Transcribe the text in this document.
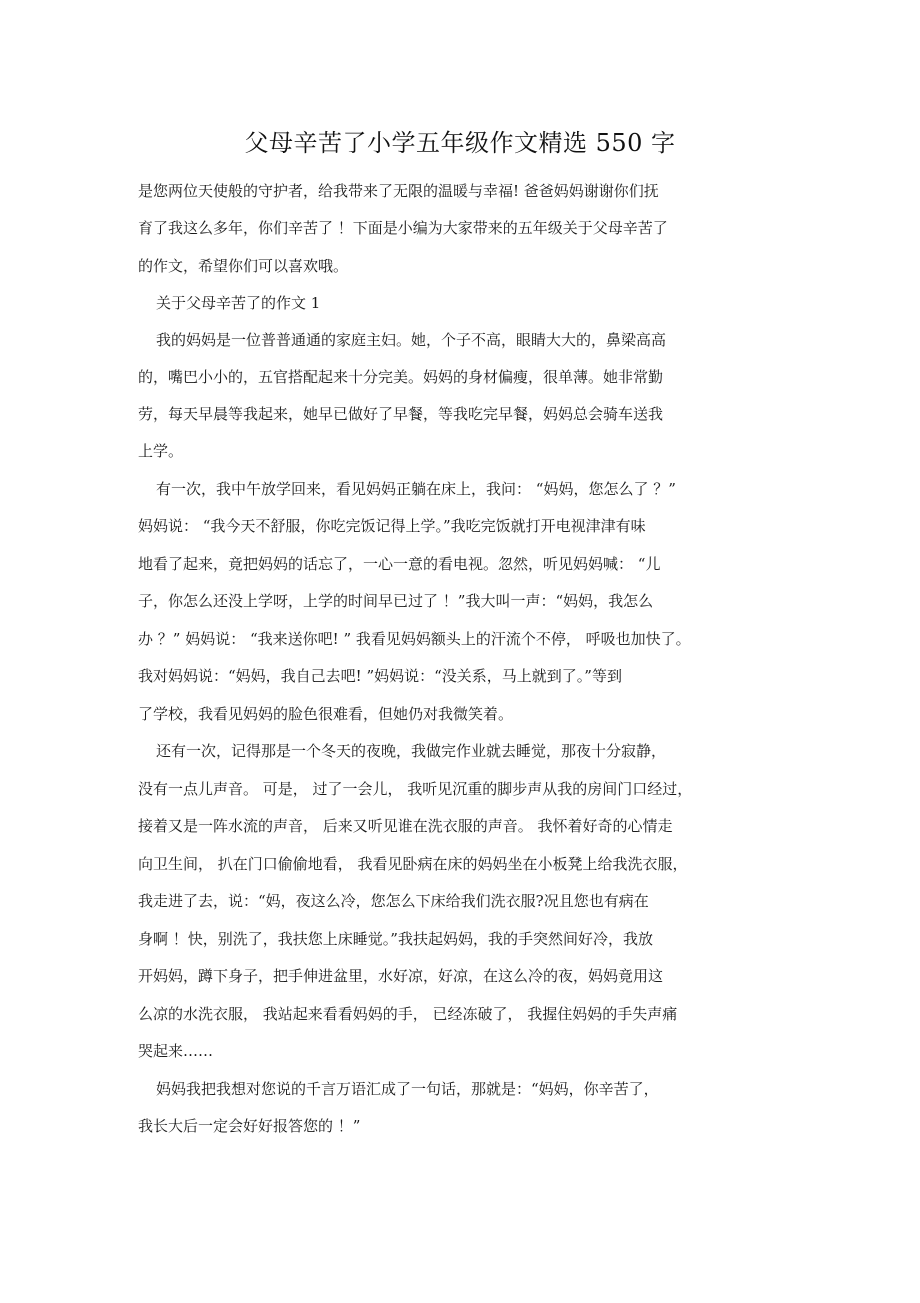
父母辛苦了小学五年级作文精选 550 字
是您两位天使般的守护者，给我带来了无限的温暖与幸福! 爸爸妈妈谢谢你们抚
育了我这么多年，你们辛苦了 ！下面是小编为大家带来的五年级关于父母辛苦了
的作文，希望你们可以喜欢哦。
关于父母辛苦了的作文 1
我的妈妈是一位普普通通的家庭主妇。她，个子不高，眼睛大大的，鼻梁高高
的，嘴巴小小的，五官搭配起来十分完美。妈妈的身材偏瘦，很单薄。她非常勤
劳，每天早晨等我起来，她早已做好了早餐，等我吃完早餐，妈妈总会骑车送我
上学。
有一次，我中午放学回来，看见妈妈正躺在床上，我问： “妈妈，您怎么了 ？”
妈妈说： “我今天不舒服，你吃完饭记得上学。”我吃完饭就打开电视津津有味
地看了起来，竟把妈妈的话忘了，一心一意的看电视。忽然，听见妈妈喊： “儿
子，你怎么还没上学呀，上学的时间早已过了 ！”我大叫一声：“妈妈，我怎么
办 ？” 妈妈说： “我来送你吧! ” 我看见妈妈额头上的汗流个不停， 呼吸也加快了。
我对妈妈说：“妈妈，我自己去吧! ”妈妈说：“没关系，马上就到了。”等到
了学校，我看见妈妈的脸色很难看，但她仍对我微笑着。
还有一次，记得那是一个冬天的夜晚，我做完作业就去睡觉，那夜十分寂静，
没有一点儿声音。 可是， 过了一会儿， 我听见沉重的脚步声从我的房间门口经过，
接着又是一阵水流的声音， 后来又听见谁在洗衣服的声音。 我怀着好奇的心情走
向卫生间， 扒在门口偷偷地看， 我看见卧病在床的妈妈坐在小板凳上给我洗衣服，
我走进了去，说：“妈，夜这么冷，您怎么下床给我们洗衣服?况且您也有病在
身啊 ！快，别洗了，我扶您上床睡觉。”我扶起妈妈，我的手突然间好冷，我放
开妈妈，蹲下身子，把手伸进盆里，水好凉，好凉，在这么冷的夜，妈妈竟用这
么凉的水洗衣服， 我站起来看看妈妈的手， 已经冻破了， 我握住妈妈的手失声痛
哭起来……
妈妈我把我想对您说的千言万语汇成了一句话，那就是：“妈妈，你辛苦了，
我长大后一定会好好报答您的 ！”
